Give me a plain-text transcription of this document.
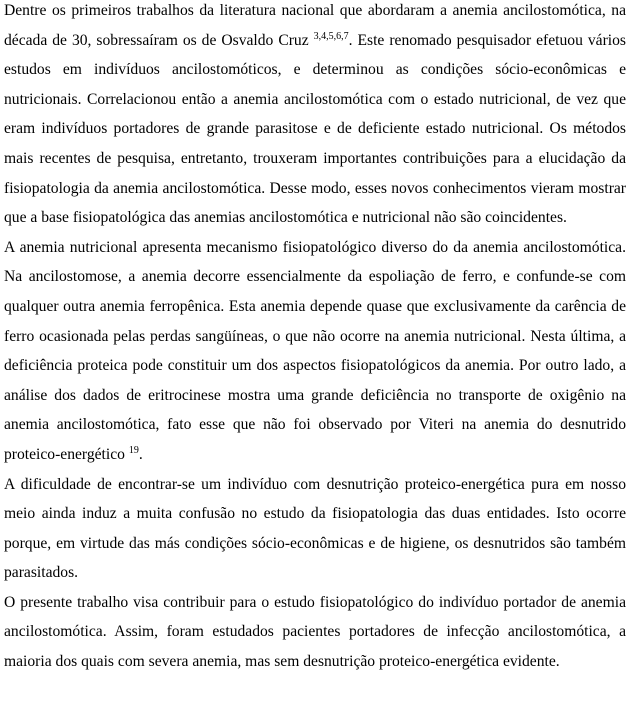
Dentre os primeiros trabalhos da literatura nacional que abordaram a anemia ancilostomótica, na década de 30, sobressaíram os de Osvaldo Cruz $^{3,4,5,6,7}$. Este renomado pesquisador efetuou vários estudos em indivíduos ancilostomóticos, e determinou as condições sócio-econômicas e nutricionais. Correlacionou então a anemia ancilostomótica com o estado nutricional, de vez que eram indivíduos portadores de grande parasitose e de deficiente estado nutricional. Os métodos mais recentes de pesquisa, entretanto, trouxeram importantes contribuições para a elucidação da fisiopatologia da anemia ancilostomótica. Desse modo, esses novos conhecimentos vieram mostrar que a base fisiopatológica das anemias ancilostomótica e nutricional não são coincidentes.

A anemia nutricional apresenta mecanismo fisiopatológico diverso do da anemia ancilostomótica. Na ancilostomose, a anemia decorre essencialmente da espoliação de ferro, e confunde-se com qualquer outra anemia ferropênica. Esta anemia depende quase que exclusivamente da carência de ferro ocasionada pelas perdas sangüíneas, o que não ocorre na anemia nutricional. Nesta última, a deficiência proteica pode constituir um dos aspectos fisiopatológicos da anemia. Por outro lado, a análise dos dados de eritrocinese mostra uma grande deficiência no transporte de oxigênio na anemia ancilostomótica, fato esse que não foi observado por Viteri na anemia do desnutrido proteico-energético $^{19}$.

A dificuldade de encontrar-se um indivíduo com desnutrição proteico-energética pura em nosso meio ainda induz a muita confusão no estudo da fisiopatologia das duas entidades. Isto ocorre porque, em virtude das más condições sócio-econômicas e de higiene, os desnutridos são também parasitados.

O presente trabalho visa contribuir para o estudo fisiopatológico do indivíduo portador de anemia ancilostomótica. Assim, foram estudados pacientes portadores de infecção ancilostomótica, a maioria dos quais com severa anemia, mas sem desnutrição proteico-energética evidente.
